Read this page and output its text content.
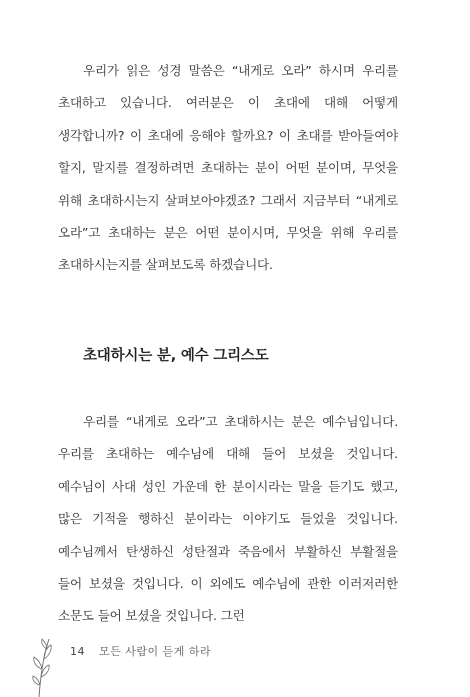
우리가 읽은 성경 말씀은 “내게로 오라” 하시며 우리를 초대하고 있습니다. 여러분은 이 초대에 대해 어떻게 생각합니까? 이 초대에 응해야 할까요? 이 초대를 받아들여야 할지, 말지를 결정하려면 초대하는 분이 어떤 분이며, 무엇을 위해 초대하시는지 살펴보아야겠죠? 그래서 지금부터 “내게로 오라”고 초대하는 분은 어떤 분이시며, 무엇을 위해 우리를 초대하시는지를 살펴보도록 하겠습니다.

초대하시는 분, 예수 그리스도

우리를 “내게로 오라”고 초대하시는 분은 예수님입니다. 우리를 초대하는 예수님에 대해 들어 보셨을 것입니다. 예수님이 사대 성인 가운데 한 분이시라는 말을 듣기도 했고, 많은 기적을 행하신 분이라는 이야기도 들었을 것입니다. 예수님께서 탄생하신 성탄절과 죽음에서 부활하신 부활절을 들어 보셨을 것입니다. 이 외에도 예수님에 관한 이러저러한 소문도 들어 보셨을 것입니다. 그런

14 모든 사람이 듣게 하라
